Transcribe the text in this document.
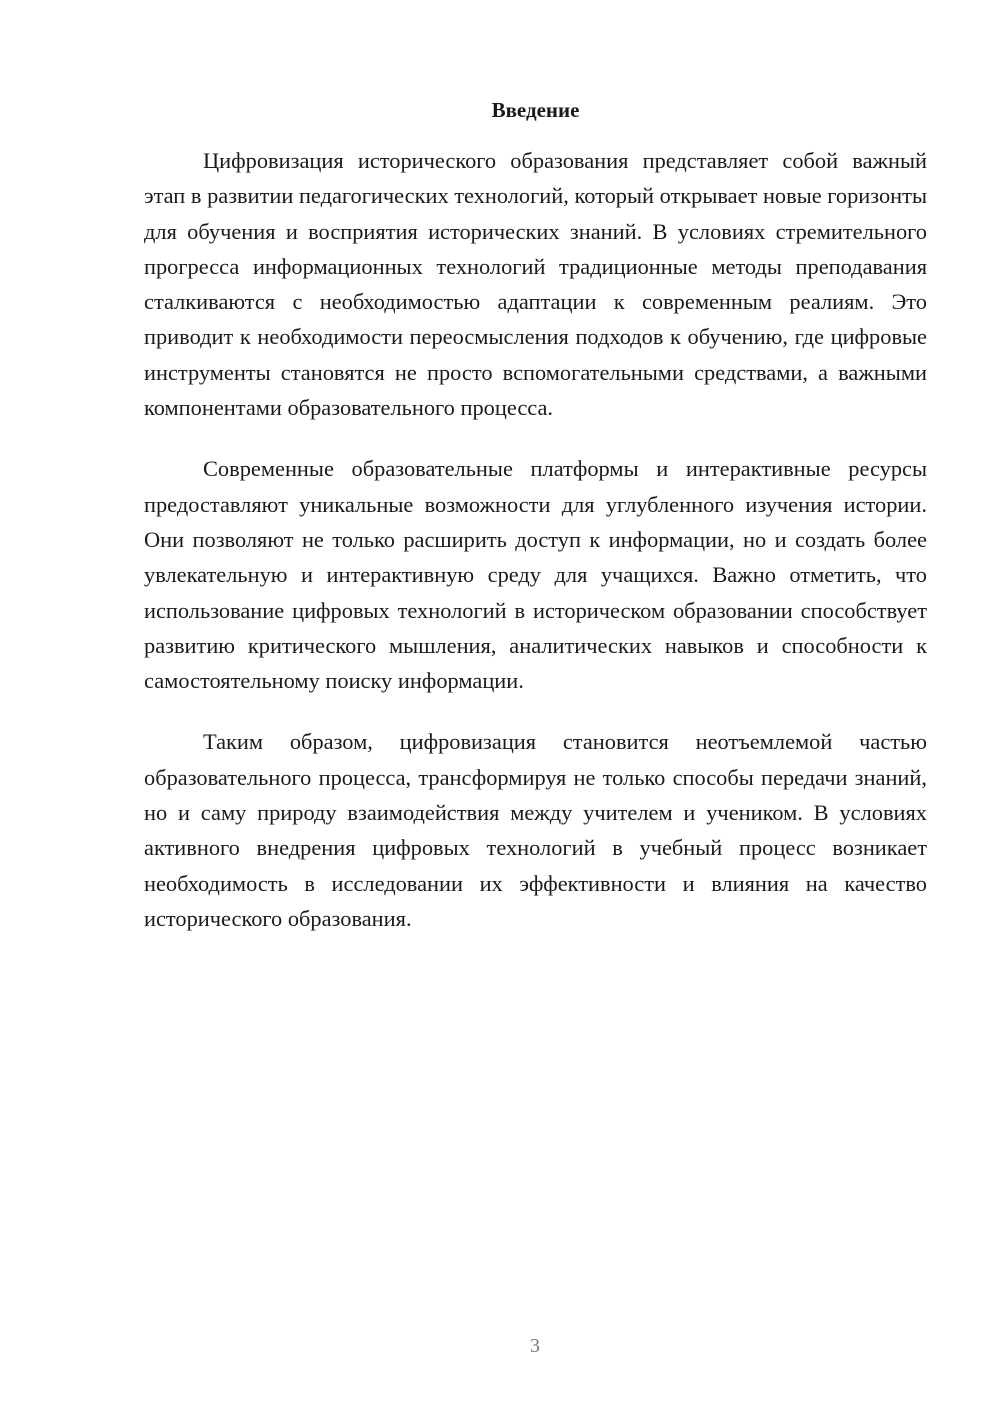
Введение

Цифровизация исторического образования представляет собой важный этап в развитии педагогических технологий, который открывает новые горизонты для обучения и восприятия исторических знаний. В условиях стремительного прогресса информационных технологий традиционные методы преподавания сталкиваются с необходимостью адаптации к современным реалиям. Это приводит к необходимости переосмысления подходов к обучению, где цифровые инструменты становятся не просто вспомогательными средствами, а важными компонентами образовательного процесса.

Современные образовательные платформы и интерактивные ресурсы предоставляют уникальные возможности для углубленного изучения истории. Они позволяют не только расширить доступ к информации, но и создать более увлекательную и интерактивную среду для учащихся. Важно отметить, что использование цифровых технологий в историческом образовании способствует развитию критического мышления, аналитических навыков и способности к самостоятельному поиску информации.

Таким образом, цифровизация становится неотъемлемой частью образовательного процесса, трансформируя не только способы передачи знаний, но и саму природу взаимодействия между учителем и учеником. В условиях активного внедрения цифровых технологий в учебный процесс возникает необходимость в исследовании их эффективности и влияния на качество исторического образования.

3
